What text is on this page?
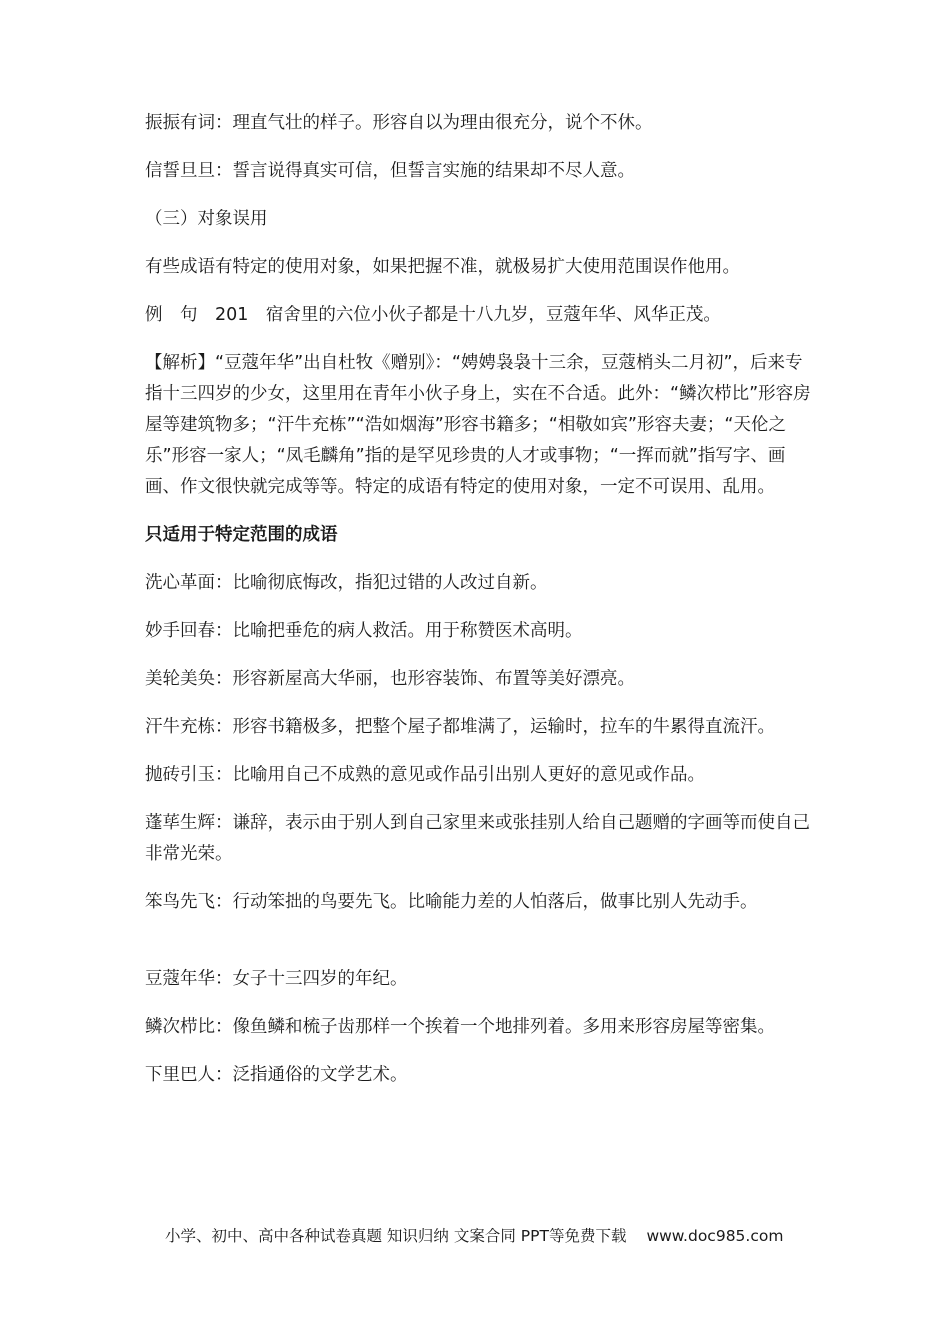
振振有词：理直气壮的样子。形容自以为理由很充分，说个不休。

信誓旦旦：誓言说得真实可信，但誓言实施的结果却不尽人意。

（三）对象误用

有些成语有特定的使用对象，如果把握不准，就极易扩大使用范围误作他用。

例　句　201　宿舍里的六位小伙子都是十八九岁，豆蔻年华、风华正茂。

【解析】“豆蔻年华”出自杜牧《赠别》：“娉娉袅袅十三余，豆蔻梢头二月初”，后来专指十三四岁的少女，这里用在青年小伙子身上，实在不合适。此外：“鳞次栉比”形容房屋等建筑物多；“汗牛充栋”“浩如烟海”形容书籍多；“相敬如宾”形容夫妻；“天伦之乐”形容一家人；“凤毛麟角”指的是罕见珍贵的人才或事物；“一挥而就”指写字、画画、作文很快就完成等等。特定的成语有特定的使用对象，一定不可误用、乱用。

只适用于特定范围的成语

洗心革面：比喻彻底悔改，指犯过错的人改过自新。

妙手回春：比喻把垂危的病人救活。用于称赞医术高明。

美轮美奂：形容新屋高大华丽，也形容装饰、布置等美好漂亮。

汗牛充栋：形容书籍极多，把整个屋子都堆满了，运输时，拉车的牛累得直流汗。

抛砖引玉：比喻用自己不成熟的意见或作品引出别人更好的意见或作品。

蓬荜生辉：谦辞，表示由于别人到自己家里来或张挂别人给自己题赠的字画等而使自己非常光荣。

笨鸟先飞：行动笨拙的鸟要先飞。比喻能力差的人怕落后，做事比别人先动手。

豆蔻年华：女子十三四岁的年纪。

鳞次栉比：像鱼鳞和梳子齿那样一个挨着一个地排列着。多用来形容房屋等密集。

下里巴人：泛指通俗的文学艺术。

小学、初中、高中各种试卷真题 知识归纳 文案合同 PPT等免费下载 www.doc985.com
